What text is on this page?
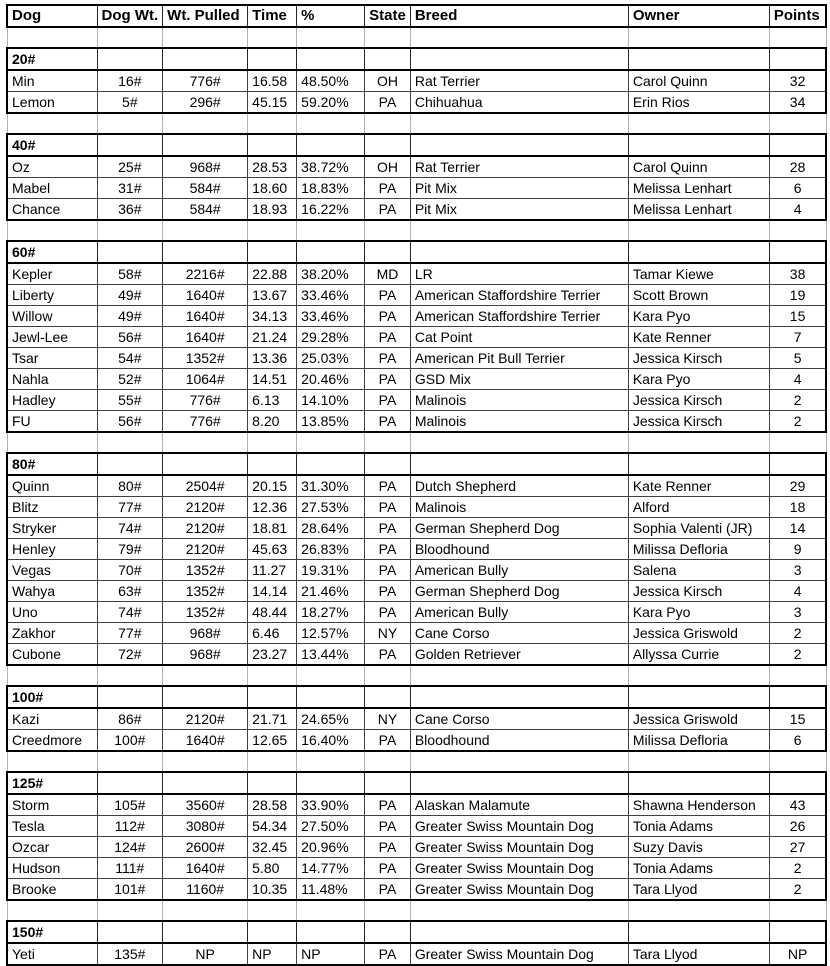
Dog	Dog Wt.	Wt. Pulled	Time	%	State	Breed	Owner	Points

20#								
Min	16#	776#	16.58	48.50%	OH	Rat Terrier	Carol Quinn	32
Lemon	5#	296#	45.15	59.20%	PA	Chihuahua	Erin Rios	34

40#								
Oz	25#	968#	28.53	38.72%	OH	Rat Terrier	Carol Quinn	28
Mabel	31#	584#	18.60	18.83%	PA	Pit Mix	Melissa Lenhart	6
Chance	36#	584#	18.93	16.22%	PA	Pit Mix	Melissa Lenhart	4

60#								
Kepler	58#	2216#	22.88	38.20%	MD	LR	Tamar Kiewe	38
Liberty	49#	1640#	13.67	33.46%	PA	American Staffordshire Terrier	Scott Brown	19
Willow	49#	1640#	34.13	33.46%	PA	American Staffordshire Terrier	Kara Pyo	15
Jewl-Lee	56#	1640#	21.24	29.28%	PA	Cat Point	Kate Renner	7
Tsar	54#	1352#	13.36	25.03%	PA	American Pit Bull Terrier	Jessica Kirsch	5
Nahla	52#	1064#	14.51	20.46%	PA	GSD Mix	Kara Pyo	4
Hadley	55#	776#	6.13	14.10%	PA	Malinois	Jessica Kirsch	2
FU	56#	776#	8.20	13.85%	PA	Malinois	Jessica Kirsch	2

80#								
Quinn	80#	2504#	20.15	31.30%	PA	Dutch Shepherd	Kate Renner	29
Blitz	77#	2120#	12.36	27.53%	PA	Malinois	Alford	18
Stryker	74#	2120#	18.81	28.64%	PA	German Shepherd Dog	Sophia Valenti (JR)	14
Henley	79#	2120#	45.63	26.83%	PA	Bloodhound	Milissa Defloria	9
Vegas	70#	1352#	11.27	19.31%	PA	American Bully	Salena	3
Wahya	63#	1352#	14.14	21.46%	PA	German Shepherd Dog	Jessica Kirsch	4
Uno	74#	1352#	48.44	18.27%	PA	American Bully	Kara Pyo	3
Zakhor	77#	968#	6.46	12.57%	NY	Cane Corso	Jessica Griswold	2
Cubone	72#	968#	23.27	13.44%	PA	Golden Retriever	Allyssa Currie	2

100#								
Kazi	86#	2120#	21.71	24.65%	NY	Cane Corso	Jessica Griswold	15
Creedmore	100#	1640#	12.65	16.40%	PA	Bloodhound	Milissa Defloria	6

125#								
Storm	105#	3560#	28.58	33.90%	PA	Alaskan Malamute	Shawna Henderson	43
Tesla	112#	3080#	54.34	27.50%	PA	Greater Swiss Mountain Dog	Tonia Adams	26
Ozcar	124#	2600#	32.45	20.96%	PA	Greater Swiss Mountain Dog	Suzy Davis	27
Hudson	111#	1640#	5.80	14.77%	PA	Greater Swiss Mountain Dog	Tonia Adams	2
Brooke	101#	1160#	10.35	11.48%	PA	Greater Swiss Mountain Dog	Tara Llyod	2

150#								
Yeti	135#	NP	NP	NP	PA	Greater Swiss Mountain Dog	Tara Llyod	NP
